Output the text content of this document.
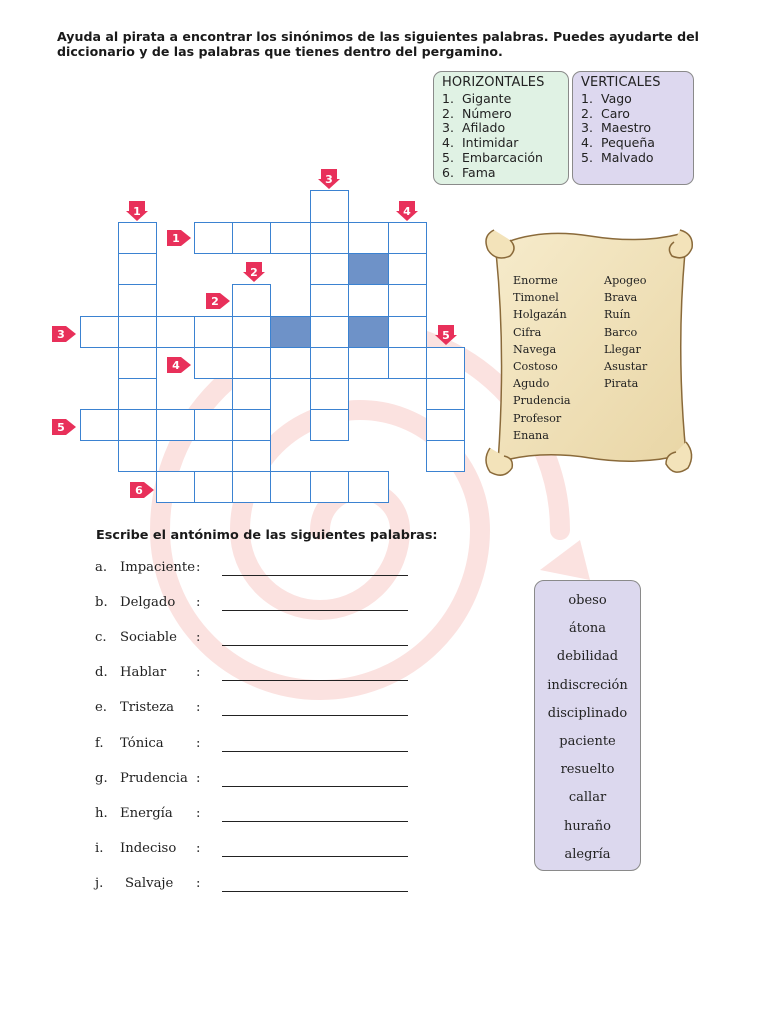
Ayuda al pirata a encontrar los sinónimos de las siguientes palabras. Puedes ayudarte del diccionario y de las palabras que tienes dentro del pergamino.
HORIZONTALES
1. Gigante
2. Número
3. Afilado
4. Intimidar
5. Embarcación
6. Fama
VERTICALES
1. Vago
2. Caro
3. Maestro
4. Pequeña
5. Malvado
1
1
2
2
3
3
4
4
5
5
6
Enorme
Timonel
Holgazán
Cifra
Navega
Costoso
Agudo
Prudencia
Profesor
Enana
Apogeo
Brava
Ruín
Barco
Llegar
Asustar
Pirata
Escribe el antónimo de las siguientes palabras:
a. Impaciente :
b. Delgado :
c. Sociable :
d. Hablar :
e. Tristeza :
f. Tónica :
g. Prudencia :
h. Energía :
i. Indeciso :
j. Salvaje :
obeso
átona
debilidad
indiscreción
disciplinado
paciente
resuelto
callar
huraño
alegría
